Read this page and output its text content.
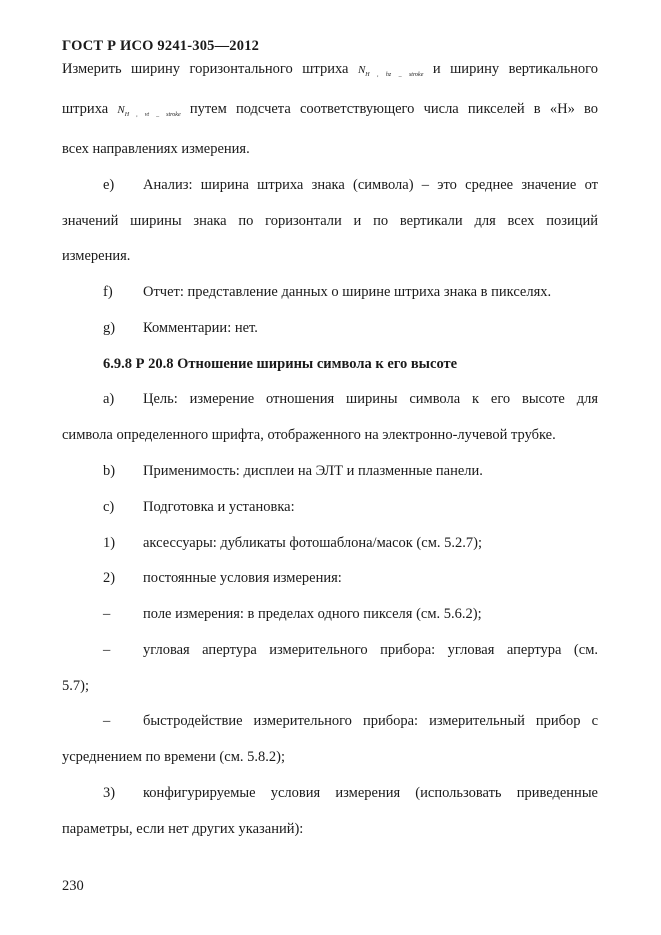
ГОСТ Р ИСО 9241-305—2012
Измерить ширину горизонтального штриха $N_{H , hz \_ stroke}$ и ширину вертикального
штриха $N_{H , vt \_ stroke}$ путем подсчета соответствующего числа пикселей в «Н» во
всех направлениях измерения.
e) Анализ: ширина штриха знака (символа) – это среднее значение от
значений ширины знака по горизонтали и по вертикали для всех позиций
измерения.
f) Отчет: представление данных о ширине штриха знака в пикселях.
g) Комментарии: нет.
6.9.8 Р 20.8 Отношение ширины символа к его высоте
a) Цель: измерение отношения ширины символа к его высоте для
символа определенного шрифта, отображенного на электронно-лучевой трубке.
b) Применимость: дисплеи на ЭЛТ и плазменные панели.
c) Подготовка и установка:
1) аксессуары: дубликаты фотошаблона/масок (см. 5.2.7);
2) постоянные условия измерения:
– поле измерения: в пределах одного пикселя (см. 5.6.2);
– угловая апертура измерительного прибора: угловая апертура (см.
5.7);
– быстродействие измерительного прибора: измерительный прибор с
усреднением по времени (см. 5.8.2);
3) конфигурируемые условия измерения (использовать приведенные
параметры, если нет других указаний):
230
